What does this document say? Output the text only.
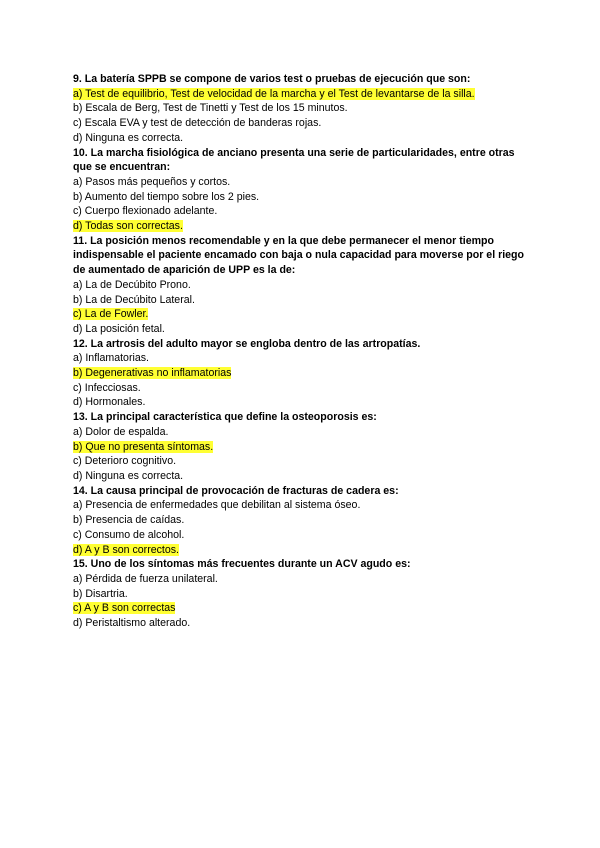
9. La batería SPPB se compone de varios test o pruebas de ejecución que son:
a) Test de equilibrio, Test de velocidad de la marcha y el Test de levantarse de la silla.
b) Escala de Berg, Test de Tinetti y Test de los 15 minutos.
c) Escala EVA y test de detección de banderas rojas.
d) Ninguna es correcta.
10. La marcha fisiológica de anciano presenta una serie de particularidades, entre otras que se encuentran:
a) Pasos más pequeños y cortos.
b) Aumento del tiempo sobre los 2 pies.
c) Cuerpo flexionado adelante.
d) Todas son correctas.
11. La posición menos recomendable y en la que debe permanecer el menor tiempo indispensable el paciente encamado con baja o nula capacidad para moverse por el riego de aumentado de aparición de UPP es la de:
a) La de Decúbito Prono.
b) La de Decúbito Lateral.
c) La de Fowler.
d) La posición fetal.
12. La artrosis del adulto mayor se engloba dentro de las artropatías.
a) Inflamatorias.
b) Degenerativas no inflamatorias
c) Infecciosas.
d) Hormonales.
13. La principal característica que define la osteoporosis es:
a) Dolor de espalda.
b) Que no presenta síntomas.
c) Deterioro cognitivo.
d) Ninguna es correcta.
14. La causa principal de provocación de fracturas de cadera es:
a) Presencia de enfermedades que debilitan al sistema óseo.
b) Presencia de caídas.
c) Consumo de alcohol.
d) A y B son correctos.
15. Uno de los síntomas más frecuentes durante un ACV agudo es:
a) Pérdida de fuerza unilateral.
b) Disartria.
c) A y B son correctas
d) Peristaltismo alterado.
